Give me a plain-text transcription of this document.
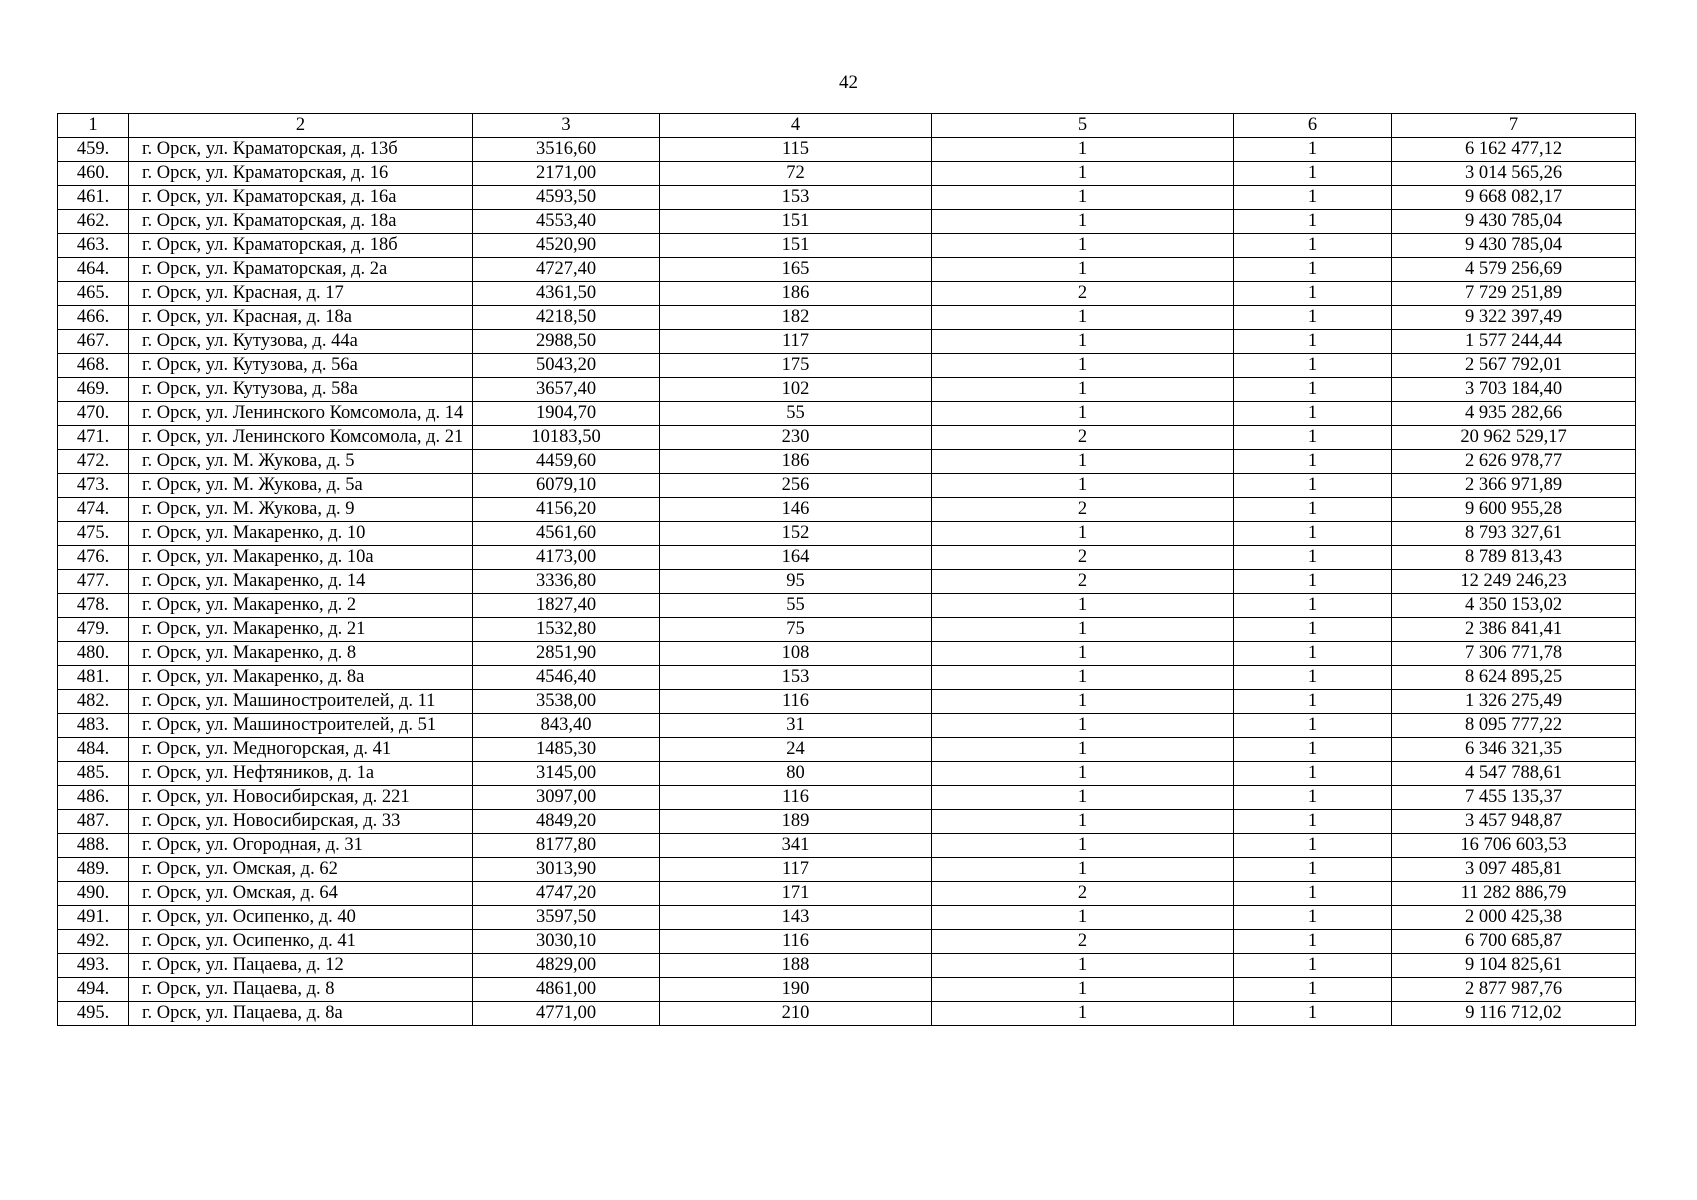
42
1	2	3	4	5	6	7
459.	г. Орск, ул. Краматорская, д. 13б	3516,60	115	1	1	6 162 477,12
460.	г. Орск, ул. Краматорская, д. 16	2171,00	72	1	1	3 014 565,26
461.	г. Орск, ул. Краматорская, д. 16а	4593,50	153	1	1	9 668 082,17
462.	г. Орск, ул. Краматорская, д. 18а	4553,40	151	1	1	9 430 785,04
463.	г. Орск, ул. Краматорская, д. 18б	4520,90	151	1	1	9 430 785,04
464.	г. Орск, ул. Краматорская, д. 2а	4727,40	165	1	1	4 579 256,69
465.	г. Орск, ул. Красная, д. 17	4361,50	186	2	1	7 729 251,89
466.	г. Орск, ул. Красная, д. 18а	4218,50	182	1	1	9 322 397,49
467.	г. Орск, ул. Кутузова, д. 44а	2988,50	117	1	1	1 577 244,44
468.	г. Орск, ул. Кутузова, д. 56а	5043,20	175	1	1	2 567 792,01
469.	г. Орск, ул. Кутузова, д. 58а	3657,40	102	1	1	3 703 184,40
470.	г. Орск, ул. Ленинского Комсомола, д. 14	1904,70	55	1	1	4 935 282,66
471.	г. Орск, ул. Ленинского Комсомола, д. 21	10183,50	230	2	1	20 962 529,17
472.	г. Орск, ул. М. Жукова, д. 5	4459,60	186	1	1	2 626 978,77
473.	г. Орск, ул. М. Жукова, д. 5а	6079,10	256	1	1	2 366 971,89
474.	г. Орск, ул. М. Жукова, д. 9	4156,20	146	2	1	9 600 955,28
475.	г. Орск, ул. Макаренко, д. 10	4561,60	152	1	1	8 793 327,61
476.	г. Орск, ул. Макаренко, д. 10а	4173,00	164	2	1	8 789 813,43
477.	г. Орск, ул. Макаренко, д. 14	3336,80	95	2	1	12 249 246,23
478.	г. Орск, ул. Макаренко, д. 2	1827,40	55	1	1	4 350 153,02
479.	г. Орск, ул. Макаренко, д. 21	1532,80	75	1	1	2 386 841,41
480.	г. Орск, ул. Макаренко, д. 8	2851,90	108	1	1	7 306 771,78
481.	г. Орск, ул. Макаренко, д. 8а	4546,40	153	1	1	8 624 895,25
482.	г. Орск, ул. Машиностроителей, д. 11	3538,00	116	1	1	1 326 275,49
483.	г. Орск, ул. Машиностроителей, д. 51	843,40	31	1	1	8 095 777,22
484.	г. Орск, ул. Медногорская, д. 41	1485,30	24	1	1	6 346 321,35
485.	г. Орск, ул. Нефтяников, д. 1а	3145,00	80	1	1	4 547 788,61
486.	г. Орск, ул. Новосибирская, д. 221	3097,00	116	1	1	7 455 135,37
487.	г. Орск, ул. Новосибирская, д. 33	4849,20	189	1	1	3 457 948,87
488.	г. Орск, ул. Огородная, д. 31	8177,80	341	1	1	16 706 603,53
489.	г. Орск, ул. Омская, д. 62	3013,90	117	1	1	3 097 485,81
490.	г. Орск, ул. Омская, д. 64	4747,20	171	2	1	11 282 886,79
491.	г. Орск, ул. Осипенко, д. 40	3597,50	143	1	1	2 000 425,38
492.	г. Орск, ул. Осипенко, д. 41	3030,10	116	2	1	6 700 685,87
493.	г. Орск, ул. Пацаева, д. 12	4829,00	188	1	1	9 104 825,61
494.	г. Орск, ул. Пацаева, д. 8	4861,00	190	1	1	2 877 987,76
495.	г. Орск, ул. Пацаева, д. 8а	4771,00	210	1	1	9 116 712,02
